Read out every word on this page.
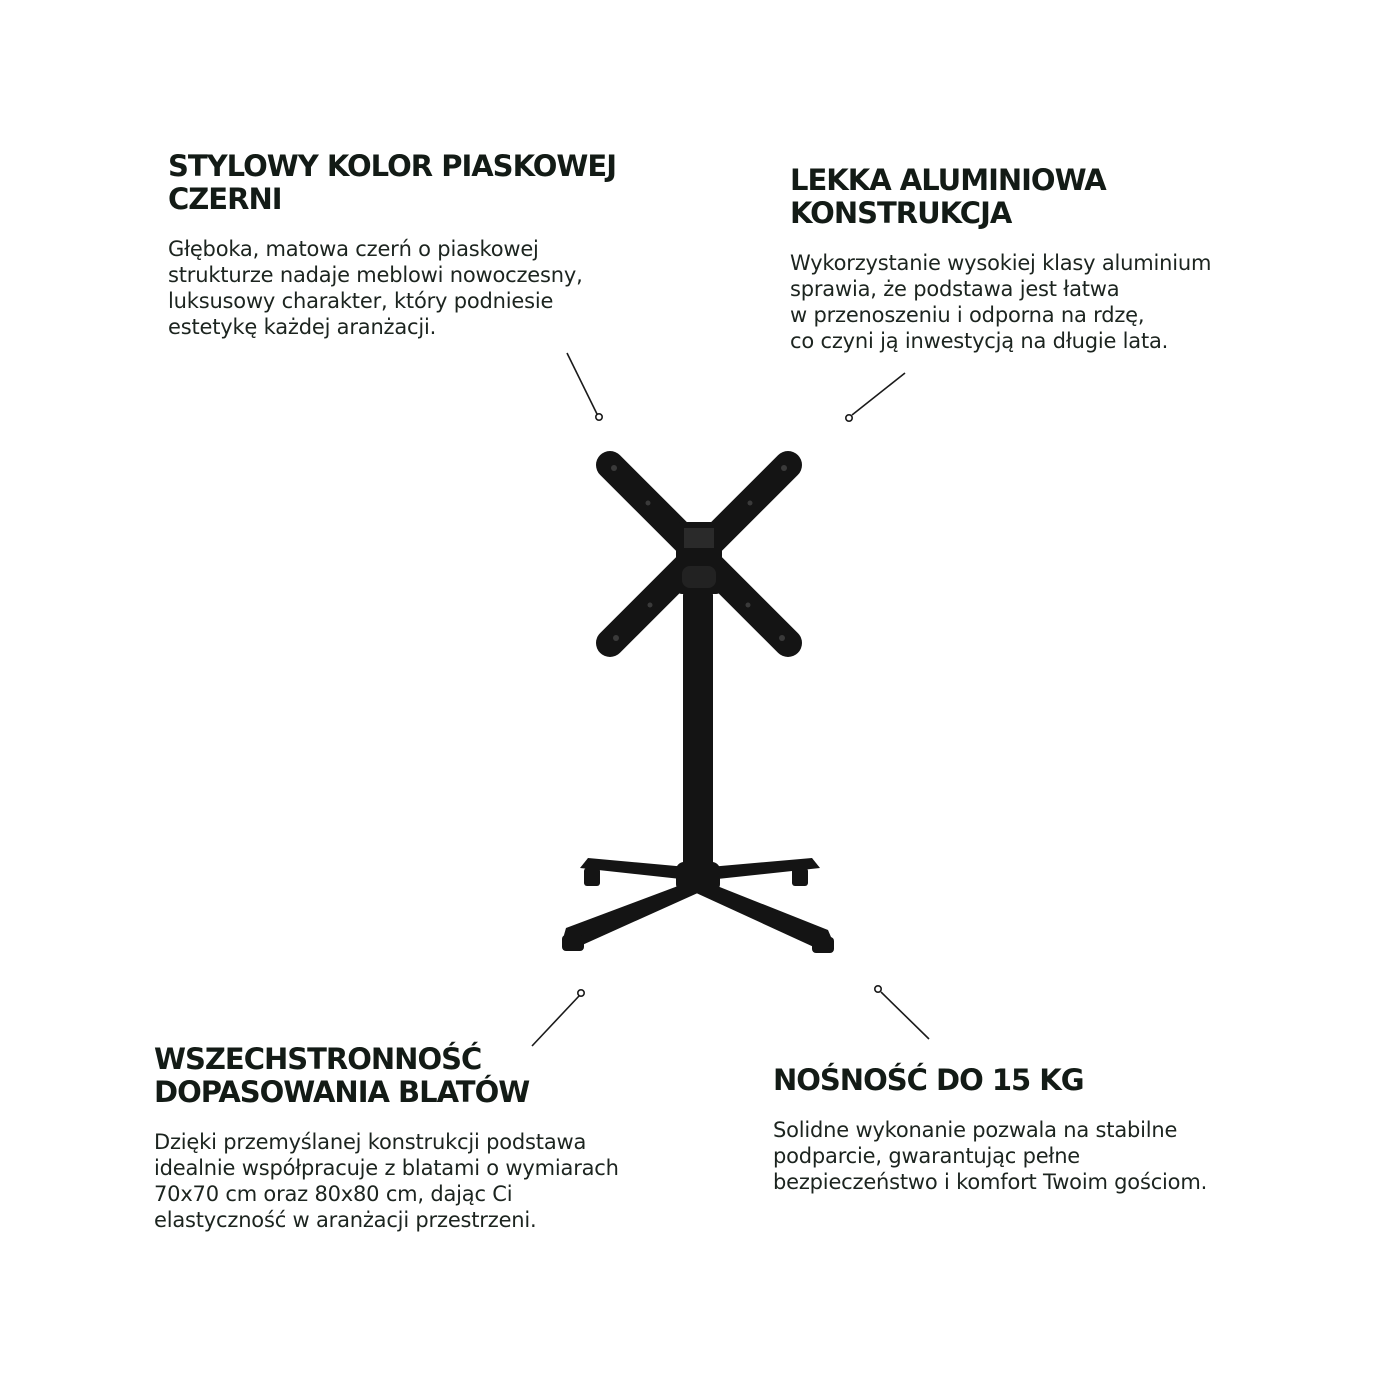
STYLOWY KOLOR PIASKOWEJ
CZERNI

Głęboka, matowa czerń o piaskowej
strukturze nadaje meblowi nowoczesny,
luksusowy charakter, który podniesie
estetykę każdej aranżacji.

LEKKA ALUMINIOWA
KONSTRUKCJA

Wykorzystanie wysokiej klasy aluminium
sprawia, że podstawa jest łatwa
w przenoszeniu i odporna na rdzę,
co czyni ją inwestycją na długie lata.

WSZECHSTRONNOŚĆ
DOPASOWANIA BLATÓW

Dzięki przemyślanej konstrukcji podstawa
idealnie współpracuje z blatami o wymiarach
70x70 cm oraz 80x80 cm, dając Ci
elastyczność w aranżacji przestrzeni.

NOŚNOŚĆ DO 15 KG

Solidne wykonanie pozwala na stabilne
podparcie, gwarantując pełne
bezpieczeństwo i komfort Twoim gościom.
